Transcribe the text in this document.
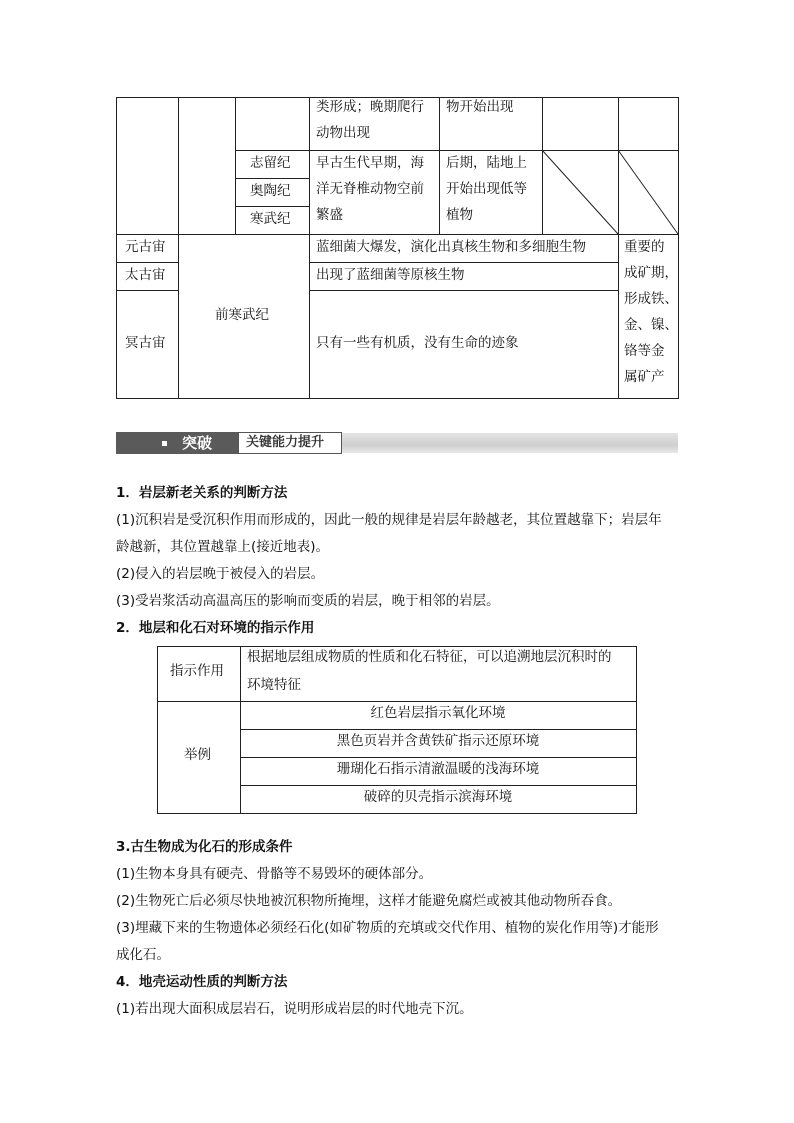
类形成；晚期爬行
动物出现
物开始出现
志留纪
奥陶纪
寒武纪
早古生代早期，海
洋无脊椎动物空前
繁盛
后期，陆地上
开始出现低等
植物
元古宙
太古宙
冥古宙
前寒武纪
蓝细菌大爆发，演化出真核生物和多细胞生物
出现了蓝细菌等原核生物
只有一些有机质，没有生命的迹象
重要的
成矿期，
形成铁、
金、镍、
铬等金
属矿产
突破	关键能力提升
1．岩层新老关系的判断方法
(1)沉积岩是受沉积作用而形成的，因此一般的规律是岩层年龄越老，其位置越靠下；岩层年
龄越新，其位置越靠上(接近地表)。
(2)侵入的岩层晚于被侵入的岩层。
(3)受岩浆活动高温高压的影响而变质的岩层，晚于相邻的岩层。
2．地层和化石对环境的指示作用
指示作用
根据地层组成物质的性质和化石特征，可以追溯地层沉积时的
环境特征
举例
红色岩层指示氧化环境
黑色页岩并含黄铁矿指示还原环境
珊瑚化石指示清澈温暖的浅海环境
破碎的贝壳指示滨海环境
3.古生物成为化石的形成条件
(1)生物本身具有硬壳、骨骼等不易毁坏的硬体部分。
(2)生物死亡后必须尽快地被沉积物所掩埋，这样才能避免腐烂或被其他动物所吞食。
(3)埋藏下来的生物遗体必须经石化(如矿物质的充填或交代作用、植物的炭化作用等)才能形
成化石。
4．地壳运动性质的判断方法
(1)若出现大面积成层岩石，说明形成岩层的时代地壳下沉。
